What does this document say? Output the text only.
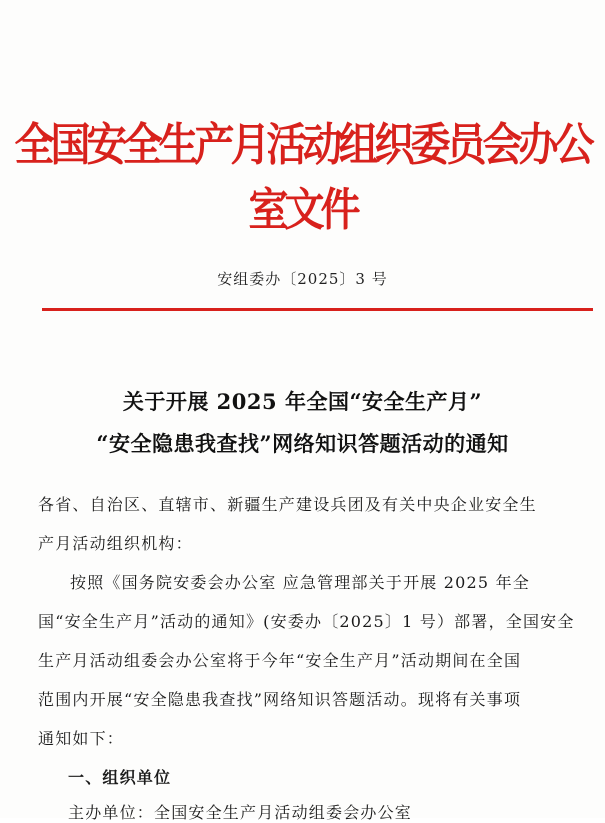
全国安全生产月活动组织委员会办公室文件
安组委办〔2025〕3 号
关于开展 2025 年全国“安全生产月”
“安全隐患我查找”网络知识答题活动的通知
各省、自治区、直辖市、新疆生产建设兵团及有关中央企业安全生
产月活动组织机构：
按照《国务院安委会办公室 应急管理部关于开展 2025 年全
国“安全生产月”活动的通知》(安委办〔2025〕1 号）部署，全国安全
生产月活动组委会办公室将于今年“安全生产月”活动期间在全国
范围内开展“安全隐患我查找”网络知识答题活动。现将有关事项
通知如下：
一、组织单位
主办单位：全国安全生产月活动组委会办公室
